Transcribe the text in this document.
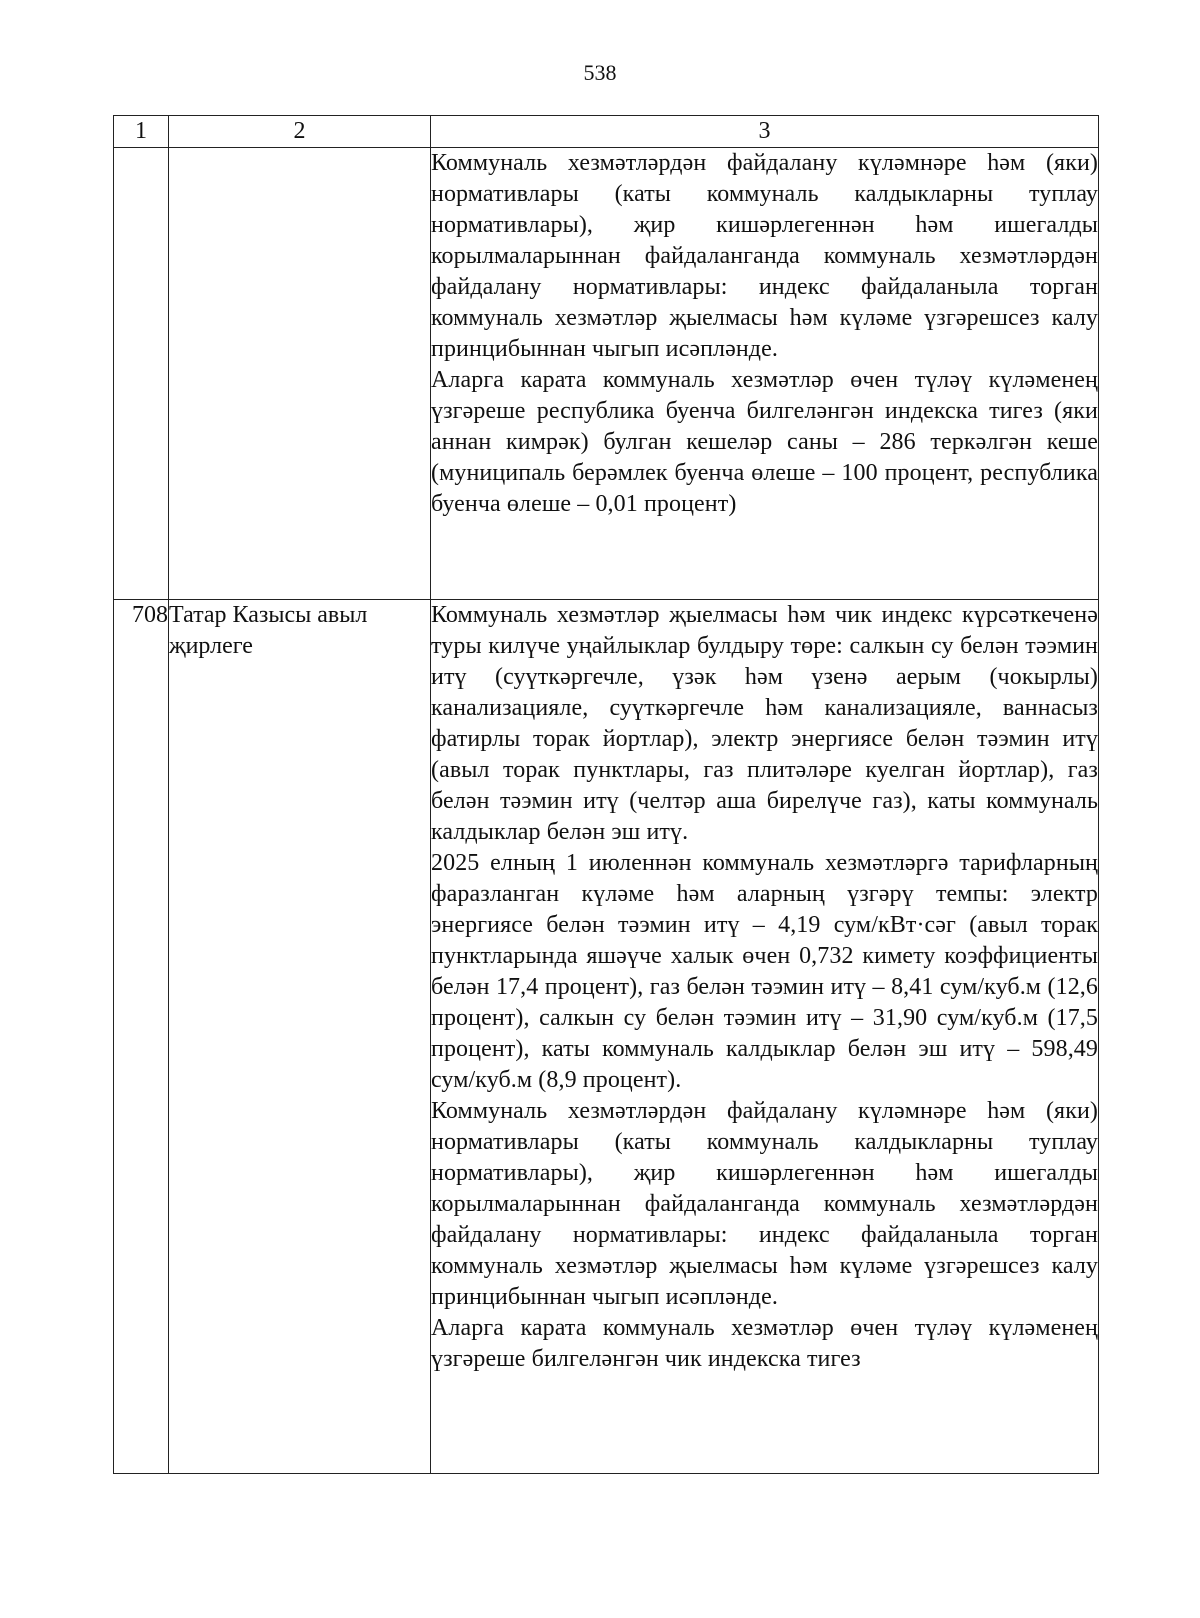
538
1	2	3

		Коммуналь хезмәтләрдән файдалану күләмнәре һәм (яки) нормативлары (каты коммуналь калдыкларны туплау нормативлары), җир кишәрлегеннән һәм ишегалды корылмаларыннан файдаланганда коммуналь хезмәтләрдән файдалану нормативлары: индекс файдаланыла торган коммуналь хезмәтләр җыелмасы һәм күләме үзгәрешсез калу принцибыннан чыгып исәпләнде.

Аларга карата коммуналь хезмәтләр өчен түләү күләменең үзгәреше республика буенча билгеләнгән индекска тигез (яки аннан кимрәк) булган кешеләр саны – 286 теркәлгән кеше (муниципаль берәмлек буенча өлеше – 100 процент, республика буенча өлеше – 0,01 процент)

708	Татар Казысы авыл җирлеге	Коммуналь хезмәтләр җыелмасы һәм чик индекс күрсәткеченә туры килүче уңайлыклар булдыру төре: салкын су белән тәэмин итү (суүткәргечле, үзәк һәм үзенә аерым (чокырлы) канализацияле, суүткәргечле һәм канализацияле, ваннасыз фатирлы торак йортлар), электр энергиясе белән тәэмин итү (авыл торак пунктлары, газ плитәләре куелган йортлар), газ белән тәэмин итү (челтәр аша бирелүче газ), каты коммуналь калдыклар белән эш итү.

2025 елның 1 июленнән коммуналь хезмәтләргә тарифларның фаразланган күләме һәм аларның үзгәрү темпы: электр энергиясе белән тәэмин итү – 4,19 сум/кВт·сәг (авыл торак пунктларында яшәүче халык өчен 0,732 кимету коэффициенты белән 17,4 процент), газ белән тәэмин итү – 8,41 сум/куб.м (12,6 процент), салкын су белән тәэмин итү – 31,90 сум/куб.м (17,5 процент), каты коммуналь калдыклар белән эш итү – 598,49 сум/куб.м (8,9 процент).

Коммуналь хезмәтләрдән файдалану күләмнәре һәм (яки) нормативлары (каты коммуналь калдыкларны туплау нормативлары), җир кишәрлегеннән һәм ишегалды корылмаларыннан файдаланганда коммуналь хезмәтләрдән файдалану нормативлары: индекс файдаланыла торган коммуналь хезмәтләр җыелмасы һәм күләме үзгәрешсез калу принцибыннан чыгып исәпләнде.

Аларга карата коммуналь хезмәтләр өчен түләү күләменең үзгәреше билгеләнгән чик индекска тигез
